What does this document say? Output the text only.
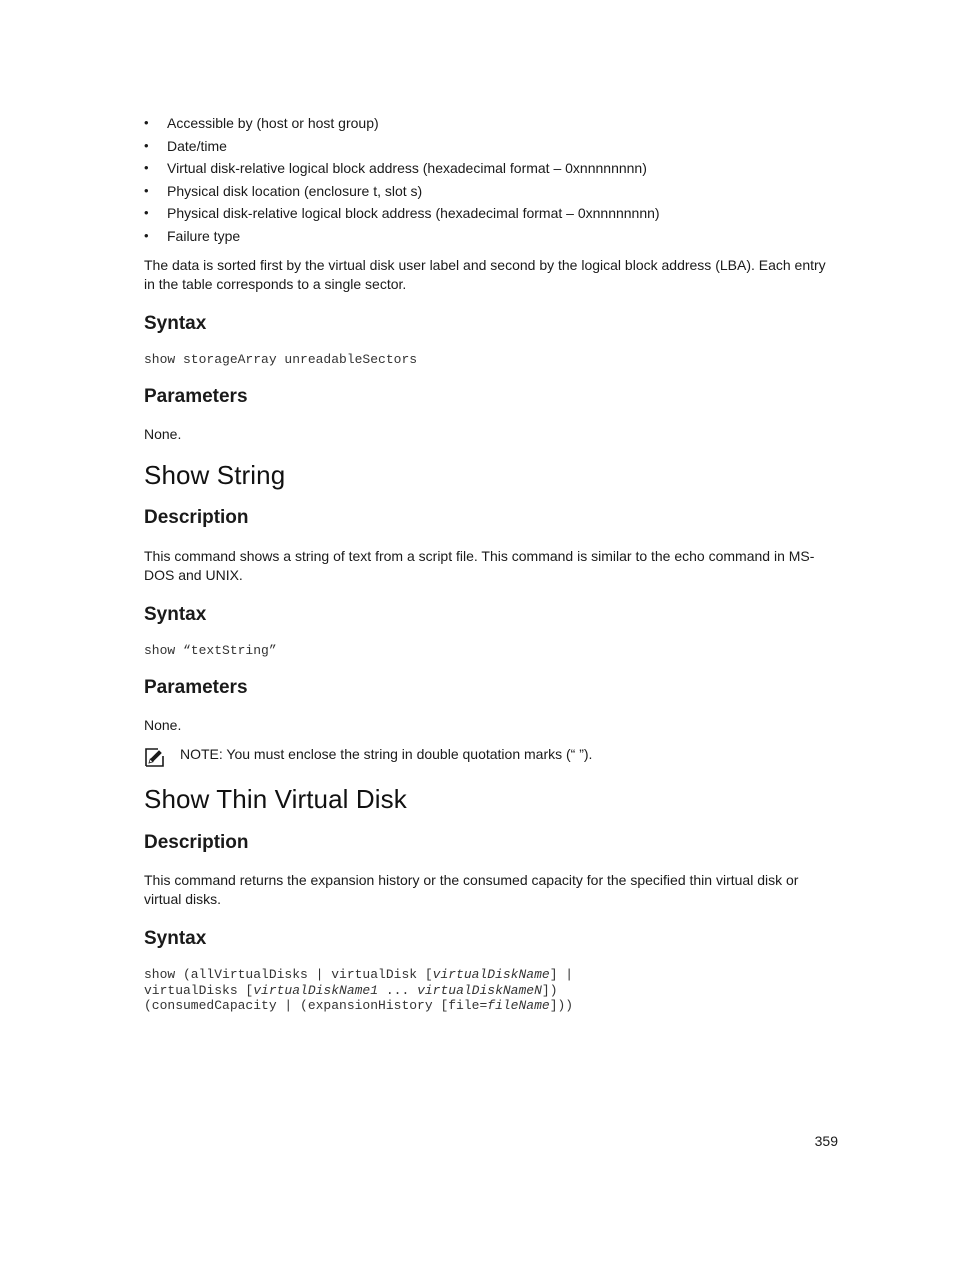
• Accessible by (host or host group)
• Date/time
• Virtual disk-relative logical block address (hexadecimal format – 0xnnnnnnnn)
• Physical disk location (enclosure t, slot s)
• Physical disk-relative logical block address (hexadecimal format – 0xnnnnnnnn)
• Failure type

The data is sorted first by the virtual disk user label and second by the logical block address (LBA). Each entry in the table corresponds to a single sector.

Syntax
show storageArray unreadableSectors
Parameters

None.

Show String
Description

This command shows a string of text from a script file. This command is similar to the echo command in MS-DOS and UNIX.

Syntax
show “textString”
Parameters

None.

NOTE: You must enclose the string in double quotation marks (“ ”).
Show Thin Virtual Disk
Description

This command returns the expansion history or the consumed capacity for the specified thin virtual disk or virtual disks.

Syntax
show (allVirtualDisks | virtualDisk [virtualDiskName] |
virtualDisks [virtualDiskName1 ... virtualDiskNameN])
(consumedCapacity | (expansionHistory [file=fileName]))
359
